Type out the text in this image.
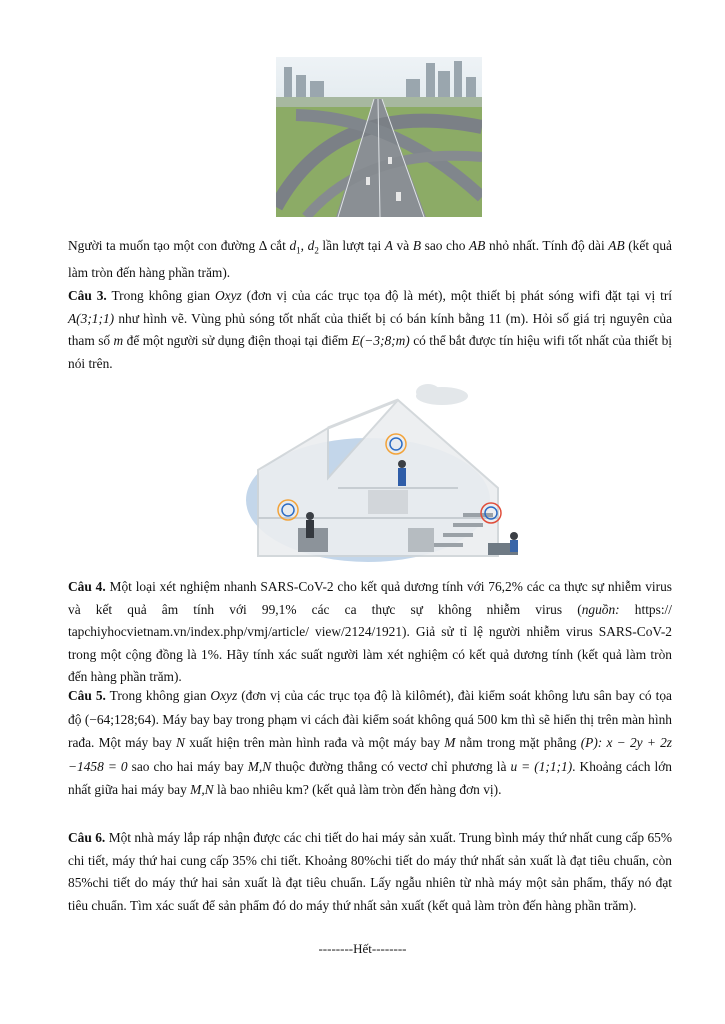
Người ta muốn tạo một con đường Δ cắt $d_1$, $d_2$ lần lượt tại A và B sao cho AB nhỏ nhất. Tính độ dài AB (kết quả làm tròn đến hàng phần trăm).

Câu 3. Trong không gian Oxyz (đơn vị của các trục tọa độ là mét), một thiết bị phát sóng wifi đặt tại vị trí A(3;1;1) như hình vẽ. Vùng phủ sóng tốt nhất của thiết bị có bán kính bằng 11 (m). Hỏi số giá trị nguyên của tham số m để một người sử dụng điện thoại tại điểm E(−3;8;m) có thể bắt được tín hiệu wifi tốt nhất của thiết bị nói trên.

Câu 4. Một loại xét nghiệm nhanh SARS-CoV-2 cho kết quả dương tính với 76,2% các ca thực sự nhiễm virus và kết quả âm tính với 99,1% các ca thực sự không nhiễm virus (nguồn: https:// tapchiyhocvietnam.vn/index.php/vmj/article/ view/2124/1921). Giả sử tỉ lệ người nhiễm virus SARS-CoV-2 trong một cộng đồng là 1%. Hãy tính xác suất người làm xét nghiệm có kết quả dương tính (kết quả làm tròn đến hàng phần trăm).

Câu 5. Trong không gian Oxyz (đơn vị của các trục tọa độ là kilômét), đài kiểm soát không lưu sân bay có tọa độ (−64;128;64). Máy bay bay trong phạm vi cách đài kiểm soát không quá 500 km thì sẽ hiển thị trên màn hình rađa. Một máy bay N xuất hiện trên màn hình rađa và một máy bay M nằm trong mặt phẳng (P): x − 2y + 2z −1458 = 0 sao cho hai máy bay M,N thuộc đường thẳng có vectơ chỉ phương là u = (1;1;1). Khoảng cách lớn nhất giữa hai máy bay M,N là bao nhiêu km? (kết quả làm tròn đến hàng đơn vị).

Câu 6. Một nhà máy lắp ráp nhận được các chi tiết do hai máy sản xuất. Trung bình máy thứ nhất cung cấp 65% chi tiết, máy thứ hai cung cấp 35% chi tiết. Khoảng 80%chi tiết do máy thứ nhất sản xuất là đạt tiêu chuẩn, còn 85%chi tiết do máy thứ hai sản xuất là đạt tiêu chuẩn. Lấy ngẫu nhiên từ nhà máy một sản phẩm, thấy nó đạt tiêu chuẩn. Tìm xác suất để sản phẩm đó do máy thứ nhất sản xuất (kết quả làm tròn đến hàng phần trăm).

--------Hết--------
